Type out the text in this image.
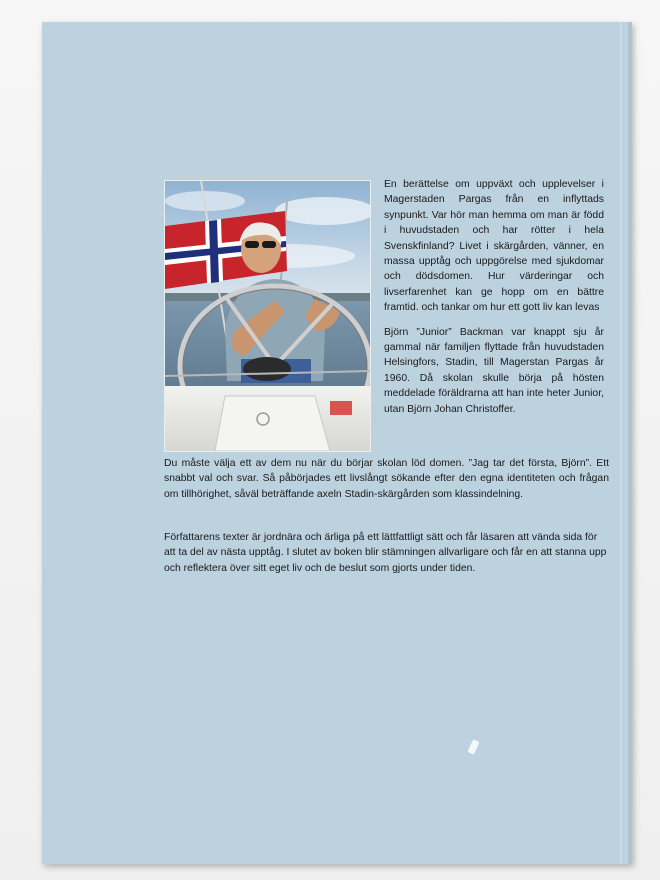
En berättelse om uppväxt och upplevelser i Magerstaden Pargas från en inflyttads synpunkt. Var hör man hemma om man är född i huvudstaden och har rötter i hela Svenskfinland? Livet i skärgården, vänner, en massa upptåg och uppgörelse med sjukdomar och dödsdomen. Hur värderingar och livserfarenhet kan ge hopp om en bättre framtid. och tankar om hur ett gott liv kan levas

Björn ”Junior” Backman var knappt sju år gammal när familjen flyttade från huvudstaden Helsingfors, Stadin, till Magerstan Pargas år 1960. Då skolan skulle börja på hösten meddelade föräldrarna att han inte heter Junior, utan Björn Johan Christoffer.

Du måste välja ett av dem nu när du börjar skolan löd domen. ”Jag tar det första, Björn”. Ett snabbt val och svar. Så påbörjades ett livslångt sökande efter den egna identiteten och frågan om tillhörighet, såväl beträffande axeln Stadin-skärgården som klassindelning.

Författarens texter är jordnära och ärliga på ett lättfattligt sätt och får läsaren att vända sida för att ta del av nästa upptåg. I slutet av boken blir stämningen allvarligare och får en att stanna upp och reflektera över sitt eget liv och de beslut som gjorts under tiden.
